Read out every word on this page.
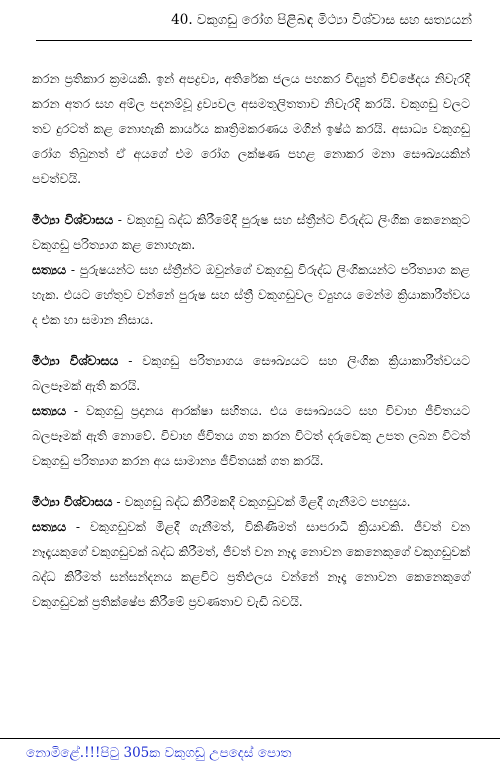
40. වකුගඩු රෝග පිළිබඳ මිථ්‍යා විශ්වාස සහ සත්‍යයන්

කරන ප්‍රතිකාර ක්‍රමයකි. ඉන් අපද්‍රව්‍ය, අතිරේක ජලය පහකර විද්‍යුත් විච්ඡේදය නිවැරදි කරන අතර සහ අම්ල පදනම්වූ ද්‍රව්‍යවල අසමතුලිතතාව නිවැරදි කරයි. වකුගඩු වලට තව දුරටත් කළ නොහැකි කාර්යය කෘත්‍රිමකරණය මගින් ඉෂ්ඨ කරයි. අසාධ්‍ය වකුගඩු රෝග තිබුනත් ඒ අයගේ එම රෝග ලක්ෂණ පහළ නොකර මනා සෞඛ්‍යයකින් පවත්වයි.

මිථ්‍යා විශ්වාසය - වකුගඩු බද්ධ කිරීමේදී පුරුෂ සහ ස්ත්‍රීන්ට විරුද්ධ ලිංගික කෙනෙකුට වකුගඩු පරිත්‍යාග කළ නොහැක.

සත්‍යය - පුරුෂයන්ට සහ ස්ත්‍රීන්ට ඔවුන්ගේ වකුගඩු විරුද්ධ ලිංගිකයන්ට පරිත්‍යාග කළ හැක. එයට හේතුව වන්නේ පුරුෂ සහ ස්ත්‍රී වකුගඩුවල ව්‍යුහය මෙන්ම ක්‍රියාකාරීත්වය ද එක හා සමාන නිසාය.

මිථ්‍යා විශ්වාසය - වකුගඩු පරිත්‍යාගය සෞඛ්‍යයට සහ ලිංගික ක්‍රියාකාරීත්වයට බලපෑමක් ඇති කරයි.

සත්‍යය - වකුගඩු ප්‍රදානය ආරක්ෂා සහිතය. එය සෞඛ්‍යයට සහ විවාහ ජීවිතයට බලපෑමක් ඇති නොවේ. විවාහ ජීවිතය ගත කරන විටත් දරුවෙකු උපත ලබන විටත් වකුගඩු පරිත්‍යාග කරන අය සාමාන්‍ය ජීවිතයක් ගත කරයි.

මිථ්‍යා විශ්වාසය - වකුගඩු බද්ධ කිරීමකදී වකුගඩුවක් මිළදී ගැනීමට පහසුය.

සත්‍යය - වකුගඩුවක් මිළදී ගැනීමත්, විකිණීමත් සාපරාධී ක්‍රියාවකි. ජීවත් වන නෑදෑයකුගේ වකුගඩුවක් බද්ධ කිරීමත්, ජීවත් වන නෑදෑ නොවන කෙනෙකුගේ වකුගඩුවක් බද්ධ කිරීමත් සන්සන්දනය කළවිට ප්‍රතිඵලය වන්නේ නෑදෑ නොවන කෙනෙකුගේ වකුගඩුවක් ප්‍රතික්ෂේප කිරීමේ ප්‍රවණතාව වැඩි බවයි.

නොමිළේ.!!!පිටු 305ක වකුගඩු උපදෙස් පොත
